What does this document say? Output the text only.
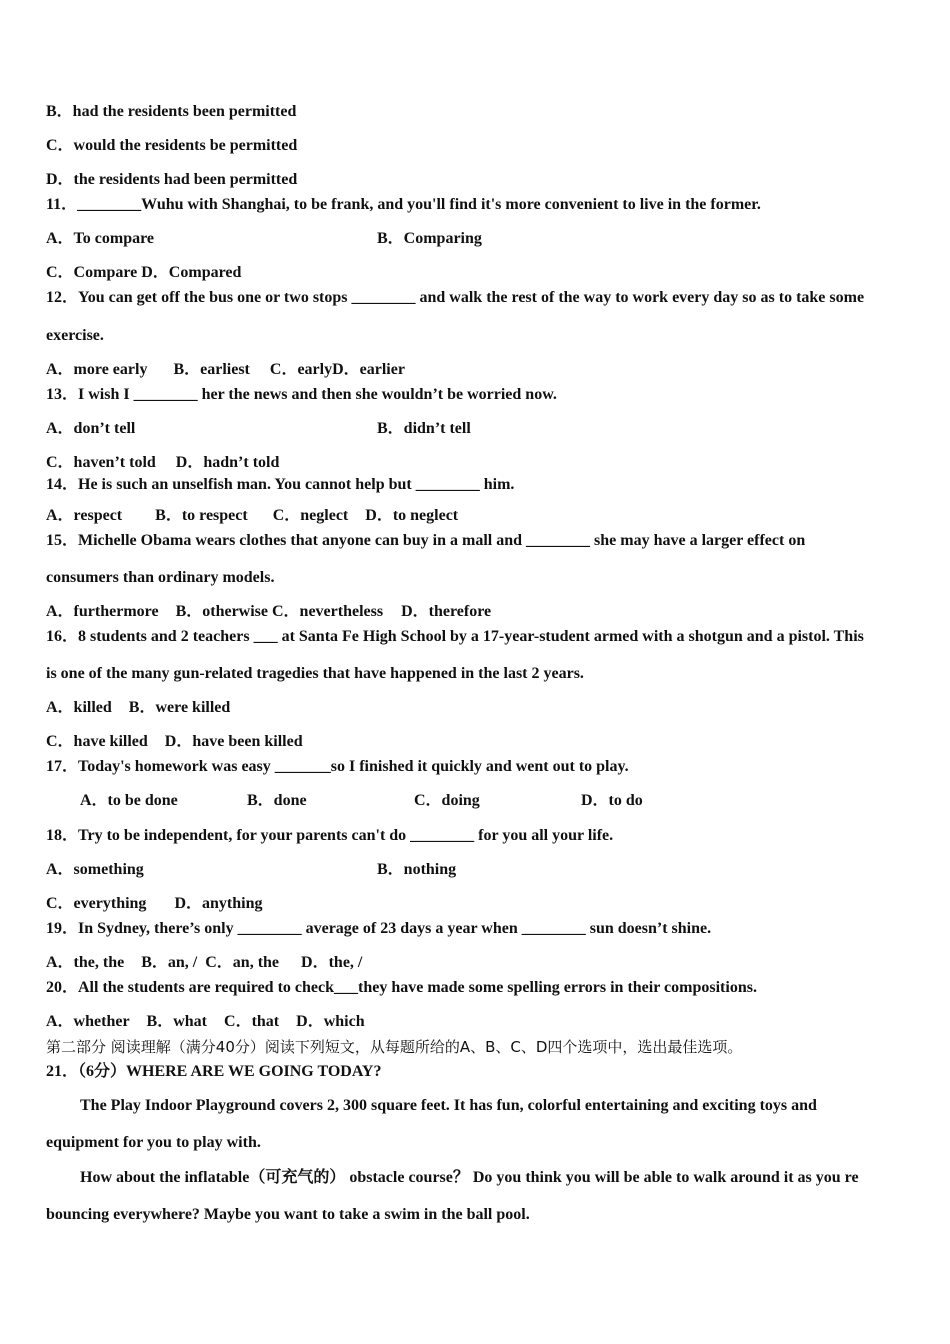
B．had the residents been permitted
C．would the residents be permitted
D．the residents had been permitted
11．________Wuhu with Shanghai, to be frank, and you'll find it's more convenient to live in the former.
A．To compare	B．Comparing
C．Compare D．Compared
12．You can get off the bus one or two stops ________ and walk the rest of the way to work every day so as to take some
exercise.
A．more early B．earliest C．earlyD．earlier
13．I wish I ________ her the news and then she wouldn’t be worried now.
A．don’t tell	B．didn’t tell
C．haven’t told D．hadn’t told
14．He is such an unselfish man. You cannot help but ________ him.
A．respect B．to respect C．neglect D．to neglect
15．Michelle Obama wears clothes that anyone can buy in a mall and ________ she may have a larger effect on
consumers than ordinary models.
A．furthermore B．otherwise C．nevertheless D．therefore
16．8 students and 2 teachers ___ at Santa Fe High School by a 17-year-student armed with a shotgun and a pistol. This
is one of the many gun-related tragedies that have happened in the last 2 years.
A．killed B．were killed
C．have killed D．have been killed
17．Today's homework was easy _______so I finished it quickly and went out to play.
A．to be done	B．done	C．doing	D．to do
18．Try to be independent, for your parents can't do ________ for you all your life.
A．something	B．nothing
C．everything D．anything
19．In Sydney, there’s only ________ average of 23 days a year when ________ sun doesn’t shine.
A．the, the B．an, / C．an, the D．the, /
20．All the students are required to check___they have made some spelling errors in their compositions.
A．whether B．what C．that D．which
第二部分 阅读理解（满分40分）阅读下列短文，从每题所给的A、B、C、D四个选项中，选出最佳选项。
21．（6分）WHERE ARE WE GOING TODAY?
The Play Indoor Playground covers 2, 300 square feet. It has fun, colorful entertaining and exciting toys and
equipment for you to play with.
How about the inflatable（可充气的） obstacle course？ Do you think you will be able to walk around it as you re
bouncing everywhere? Maybe you want to take a swim in the ball pool.
